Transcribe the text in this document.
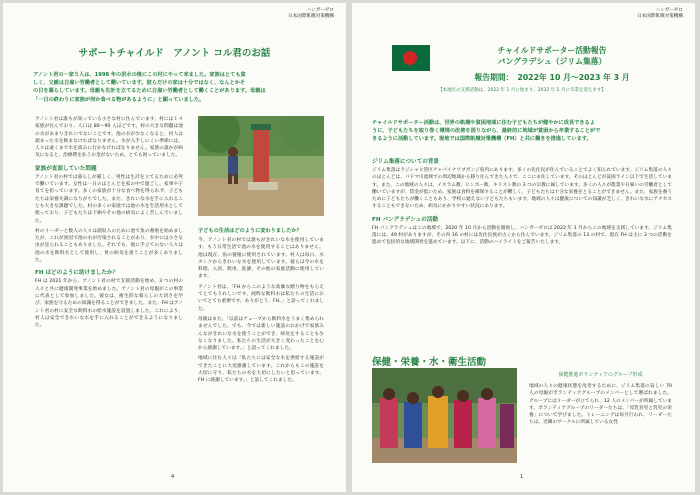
ハンガーゼロ
日本国際飢餓対策機構
サポートチャイルド　アノント コル君のお話
アノント君の一家５人は、1998 年の洪水の後にこの村にやって来ました。家族はとても貧
しく、父親は日雇い労働者として働いています。彼らだけの家は十分ではなく、なんとかそ
の日を暮らしています。母親も生計を立てるために日雇い労働者として働くことがあります。母親は
「一日の終わりに家族が何か食べる物があるように」と願っていました。

アノント君は誰もが知っている小さな村に住んでいます。村には１４家族が住んでおり、人口は 80〜90 人ほどです。村の大きな問題は池の水があまりきれいでないことです。池の水が少なくなると、村人は溜まった水を飲まなければなりません。水が入手しにくい季節には、人々は遠くまで水を汲みに行かなければなりません。家族の誰かが病気になると、治療費を払うお金がないため、とても困っていました。

家族が直面していた問題

アノント君の村では暮らしが厳しく、男性は生計を立てるために必死で働いています。女性は一日のほとんどを家の中で過ごし、家事や子育てを担っています。多くの家族が十分な食べ物を得られず、子どもたちは栄養失調になりがちでした。また、きれいな水を手に入れることも大きな課題でした。村の多くの家庭では池の水を生活用水として使っており、子どもたちは下痢やその他の病気によく苦しんでいました。

村のリーダーと数人の人々は副収入のために池で魚の養殖を始めましたが、これが原因で池の水が汚染されることがあり、水中には小さな虫が見られることもありました。それでも、他に手立てのない人々は池の水を飲料水として使用し、胃の病気を患うことが多くありました。

FH はどのように助けましたか？

FH は 2021 年から、アノント君の村で支援活動を始め、3 つの村の人々と共に健康開発事業を始めました。アノント君の母親がこの事業に代表として参加しました。彼女は、衛生的な暮らしの大切さを学び、家族を守るための知識を得ることができました。また、FH はアノント君の村に安全な飲料水の給水施設を設置しました。これにより、村人は安全できれいな水を手に入れることができるようになりました。

子どもの生活はどのように変わりましたか？

今、アノント君の村では誰もがきれいな水を使用しています。もう日常生活で池の水を使用することはありません。池は現在、魚の養殖に使用されています。村人は毎日、水タンクからきれいな水を使用しています。彼らは今の水を料理、入浴、飲用、洗濯、その他の家庭活動に使用しています。

アノント君は、「FH からこのような高価な贈り物をもらえてとてもうれしいです。純粋な飲料水は私たちの生活においてとても重要です。ありがとう、FH。」と語ってくれました。

母親はまた、「以前はチューブから飲料水をうまく集められませんでした。でも、今では新しい施設のおかげで家族みんながきれいな水を使うことができ、病気をすることも少なくなりました。私たちの生活が大きく変わったことを心から感謝しています。」と語ってくれました。

地域に住む人々は「私たちには安全な水を供給する施設ができたことに大変感謝しています。これからもこの施設を大切に守り、私たちの水を大切にしたいと思っています。FH に感謝しています。」と話してくれました。

4
ハンガーゼロ
日本国際飢餓対策機構
チャイルドサポーター活動報告
バングラデシュ（ジリム集落）
報告期間：　2022年 10 月〜2023 年 3 月
【本地区の支援活動は、2022 年 1 月に始まり、2032 年 1 月に卒業を迎えます】
チャイルドサポーター活動は、世界の飢餓や貧困地域に住む子どもたちが健やかに成長できるよ
うに、子どもたちを取り巻く環境の改善を図りながら、最終的に地域が貧困から卒業することがで
きるように活動しています。現地では国際飢餓対策機構（FH）と共に働きを推進しています。
ジリム集落についての背景

ジリム集落はラジシャヒ管区チャパイナワブガンジ県内にあります。多くの先住民が住んでいることでよく知られています。ジリム集落の人々のほとんどは、パドマ川流域での周辺地域から移り住んできた人々で、ここに永住しています。そのほとんどが貧困ライン以下で生活しています。また、この地域の人々は、イスラム教、ヒンズー教、キリスト教の 3 つの宗教に属しています。多くの人々が農業や日雇いの労働者として働いていますが、賃金が低いため、家族は食料を確保することが難しく、子どもたちは十分な栄養をとることができません。また、家族を養うために子どもたちが働くこともあり、学校に通えない子どもたちもいます。地域の人々は健康についての知識が乏しく、きれいな水にアクセスすることもできないため、病気にかかりやすい状況にあります。

FH バングラデシュの活動

FH バングラデシュはこの地域で、2020 年 10 月から活動を開始し、ハンガーゼロは 2022 年 1 月からこの地域を支援しています。ジリム集落には、49 村がありますが、その内 16 の村には先住民族が古くから住んでいます。ジリム集落の 13 の村で、現在 FH は主に 3 つの活動を進めて包括的な地域開発を進めています。以下に、活動のハイライトをご報告いたします。

保健・栄養・水・衛生活動
保健推進ボランティアのグループ形成

地域の人々の健康状態を改善するために、ジリム集落の貧しい 70 人の母親がボランティアグループのメンバーとして選ばれました。グループにはリーダーが立てられ、12 人のメンバーが所属しています。ボランティアグループのリーダーたちは、「母乳育児と乳児の栄養」について学びました。トレーニングは毎月行われ、リーダーたちは、近隣のサークルに所属している女性

1
